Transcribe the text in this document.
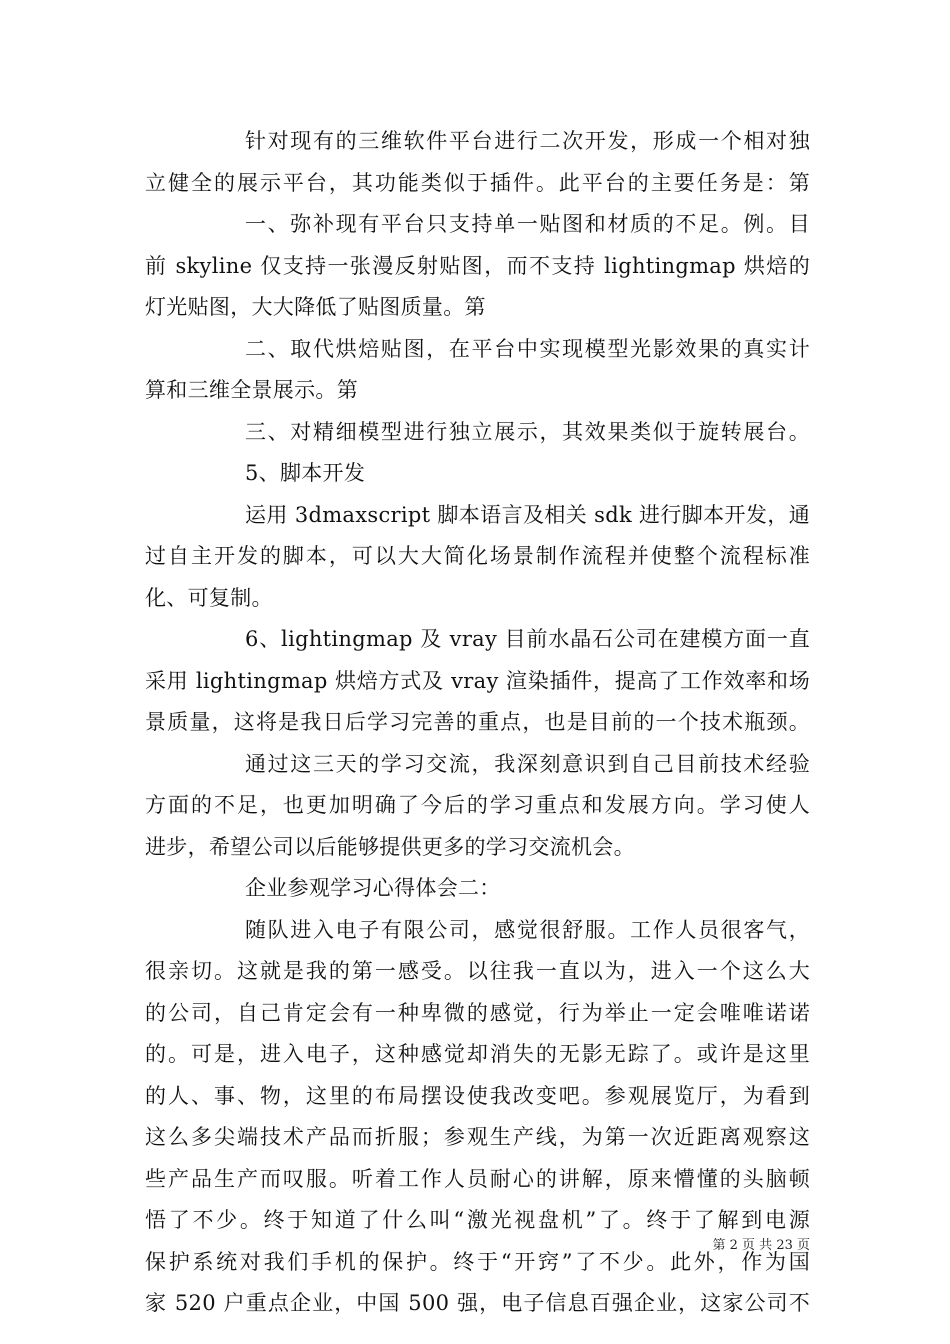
针对现有的三维软件平台进行二次开发，形成一个相对独
立健全的展示平台，其功能类似于插件。此平台的主要任务是：第
一、弥补现有平台只支持单一贴图和材质的不足。例。目
前 skyline 仅支持一张漫反射贴图，而不支持 lightingmap 烘焙的
灯光贴图，大大降低了贴图质量。第
二、取代烘焙贴图，在平台中实现模型光影效果的真实计
算和三维全景展示。第
三、对精细模型进行独立展示，其效果类似于旋转展台。
5、脚本开发
运用 3dmaxscript 脚本语言及相关 sdk 进行脚本开发，通
过自主开发的脚本，可以大大简化场景制作流程并使整个流程标准
化、可复制。
6、lightingmap 及 vray 目前水晶石公司在建模方面一直
采用 lightingmap 烘焙方式及 vray 渲染插件，提高了工作效率和场
景质量，这将是我日后学习完善的重点，也是目前的一个技术瓶颈。
通过这三天的学习交流，我深刻意识到自己目前技术经验
方面的不足，也更加明确了今后的学习重点和发展方向。学习使人
进步，希望公司以后能够提供更多的学习交流机会。
企业参观学习心得体会二：
随队进入电子有限公司，感觉很舒服。工作人员很客气，
很亲切。这就是我的第一感受。以往我一直以为，进入一个这么大
的公司，自己肯定会有一种卑微的感觉，行为举止一定会唯唯诺诺
的。可是，进入电子，这种感觉却消失的无影无踪了。或许是这里
的人、事、物，这里的布局摆设使我改变吧。参观展览厅，为看到
这么多尖端技术产品而折服；参观生产线，为第一次近距离观察这
些产品生产而叹服。听着工作人员耐心的讲解，原来懵懂的头脑顿
悟了不少。终于知道了什么叫“激光视盘机”了。终于了解到电源
保护系统对我们手机的保护。终于“开窍”了不少。此外，作为国
家 520 户重点企业，中国 500 强，电子信息百强企业，这家公司不
第 2 页 共 23 页
